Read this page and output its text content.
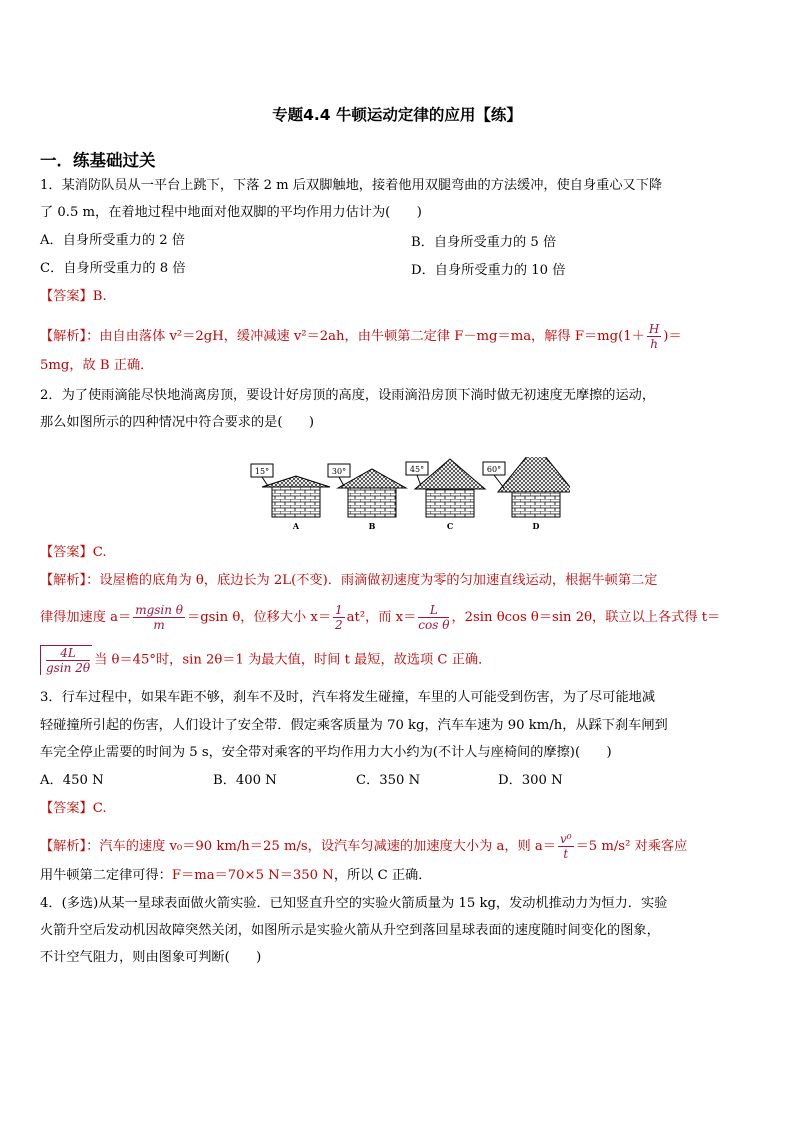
专题4.4 牛顿运动定律的应用【练】
一．练基础过关
1．某消防队员从一平台上跳下，下落 2 m 后双脚触地，接着他用双腿弯曲的方法缓冲，使自身重心又下降
了 0.5 m，在着地过程中地面对他双脚的平均作用力估计为(　　)
A．自身所受重力的 2 倍	B．自身所受重力的 5 倍
C．自身所受重力的 8 倍	D．自身所受重力的 10 倍
【答案】B.
【解析】：由自由落体 v²＝2gH，缓冲减速 v²＝2ah，由牛顿第二定律 F－mg＝ma，解得 $F=mg(1+ \frac{H}{h}$ )＝
5mg，故 B 正确．
2．为了使雨滴能尽快地淌离房顶，要设计好房顶的高度，设雨滴沿房顶下淌时做无初速度无摩擦的运动，
那么如图所示的四种情况中符合要求的是(　　)
15°
A
30°
B
45°
C
60°
D
【答案】C.
【解析】：设屋檐的底角为 θ，底边长为 2L(不变)．雨滴做初速度为零的匀加速直线运动，根据牛顿第二定
律得加速度 $a= \frac{\text{mgsin θ}}{m} =gsin$ θ，位移大小 $x= \frac{1}{2} at^2$，而 $x= \frac{L}{\text{cos θ}}$ ，2sin θcos θ＝sin 2θ，联立以上各式得 t＝
$\frac{4L}{gsin 2\theta}$ 当 θ＝45°时，sin 2θ＝1 为最大值，时间 t 最短，故选项 C 正确．
3．行车过程中，如果车距不够，刹车不及时，汽车将发生碰撞，车里的人可能受到伤害，为了尽可能地减
轻碰撞所引起的伤害，人们设计了安全带．假定乘客质量为 70 kg，汽车车速为 90 km/h，从踩下刹车闸到
车完全停止需要的时间为 5 s，安全带对乘客的平均作用力大小约为(不计人与座椅间的摩擦)(　　)
A．450 N	B．400 N	C．350 N	D．300 N
【答案】C.
【解析】：汽车的速度 v₀＝90 km/h＝25 m/s，设汽车匀减速的加速度大小为 a，则 $a= \frac{\text{v⁰}}{t} =5$ m/s² 对乘客应
用牛顿第二定律可得：F＝ma＝70×5 N＝350 N，所以 C 正确．
4．(多选)从某一星球表面做火箭实验．已知竖直升空的实验火箭质量为 15 kg，发动机推动力为恒力．实验
火箭升空后发动机因故障突然关闭，如图所示是实验火箭从升空到落回星球表面的速度随时间变化的图象，
不计空气阻力，则由图象可判断(　　)
